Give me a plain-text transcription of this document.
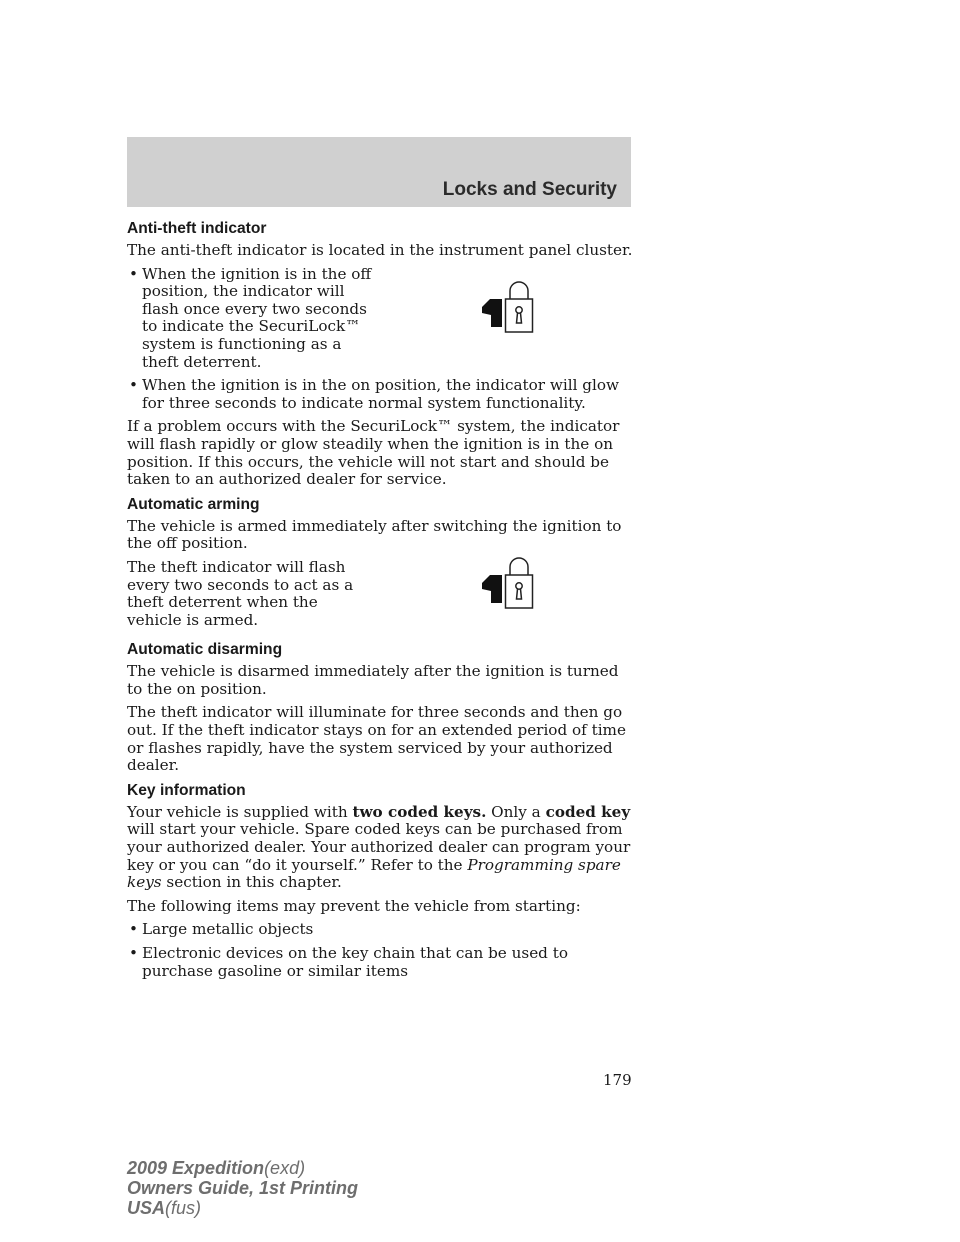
Locks and Security
Anti-theft indicator

The anti-theft indicator is located in the instrument panel cluster.

• When the ignition is in the off position, the indicator will flash once every two seconds to indicate the SecuriLock™ system is functioning as a theft deterrent.
• When the ignition is in the on position, the indicator will glow for three seconds to indicate normal system functionality.

If a problem occurs with the SecuriLock™ system, the indicator will flash rapidly or glow steadily when the ignition is in the on position. If this occurs, the vehicle will not start and should be taken to an authorized dealer for service.

Automatic arming

The vehicle is armed immediately after switching the ignition to the off position.

The theft indicator will flash every two seconds to act as a theft deterrent when the vehicle is armed.

Automatic disarming

The vehicle is disarmed immediately after the ignition is turned to the on position.

The theft indicator will illuminate for three seconds and then go out. If the theft indicator stays on for an extended period of time or flashes rapidly, have the system serviced by your authorized dealer.

Key information

Your vehicle is supplied with two coded keys. Only a coded key will start your vehicle. Spare coded keys can be purchased from your authorized dealer. Your authorized dealer can program your key or you can “do it yourself.” Refer to the Programming spare keys section in this chapter.

The following items may prevent the vehicle from starting:

• Large metallic objects
• Electronic devices on the key chain that can be used to purchase gasoline or similar items
179
2009 Expedition(exd)
Owners Guide, 1st Printing
USA(fus)
